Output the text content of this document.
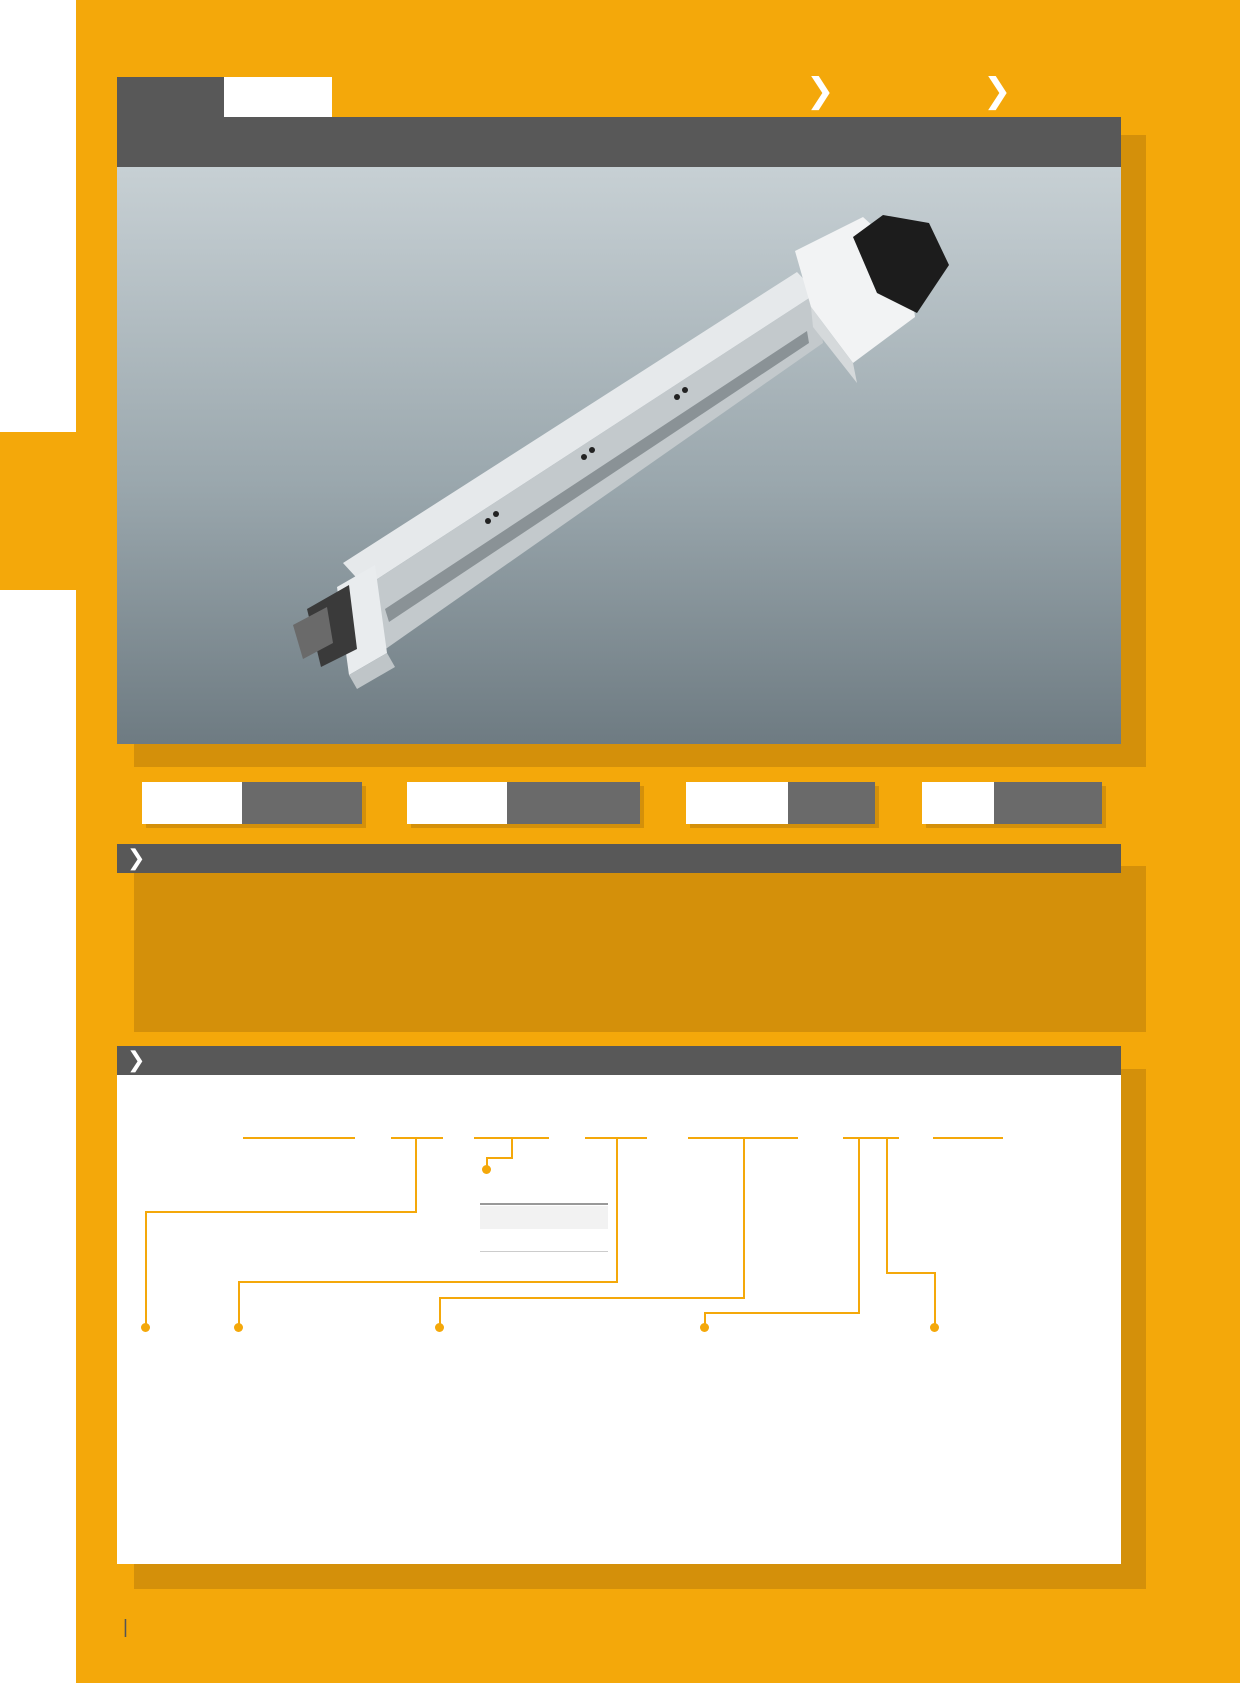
❯	❯
❯
❯
|
